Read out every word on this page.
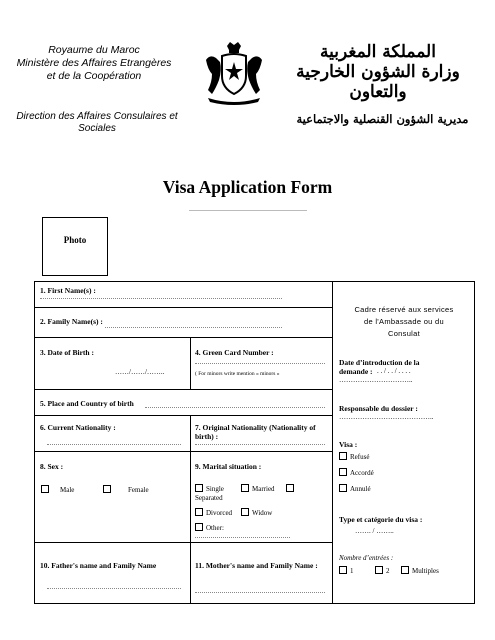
Royaume du Maroc
Ministère des Affaires Etrangères
et de la Coopération
Direction des Affaires Consulaires et
Sociales
المملكة المغربية
وزارة الشؤون الخارجية
والتعاون
مديرية الشؤون القنصلية والاجتماعية
Visa Application Form
Photo
1. First Name(s) :
2. Family Name(s) :
3. Date of Birth :
……/……/……..
4. Green Card Number :
( For minors write mention « minors »
5. Place and Country of birth
6. Current Nationality :	7. Original Nationality (Nationality of
birth) :
8. Sex :
Male	Female
9. Marital situation :
Single	Married
Separated
Divorced	Widow
Other:
10. Father's name and Family Name	11. Mother's name and Family Name :
Cadre réservé aux services
de l'Ambassade ou du
Consulat
Date d’introduction de la
demande : . . / . . / . . . .
…………………………..
Responsable du dossier :
…………………………………..
Visa :
Refusé
Accordé
Annulé
Type et catégorie du visa :
……. / ……..
Nombre d’entrées :
1	2	Multiples
